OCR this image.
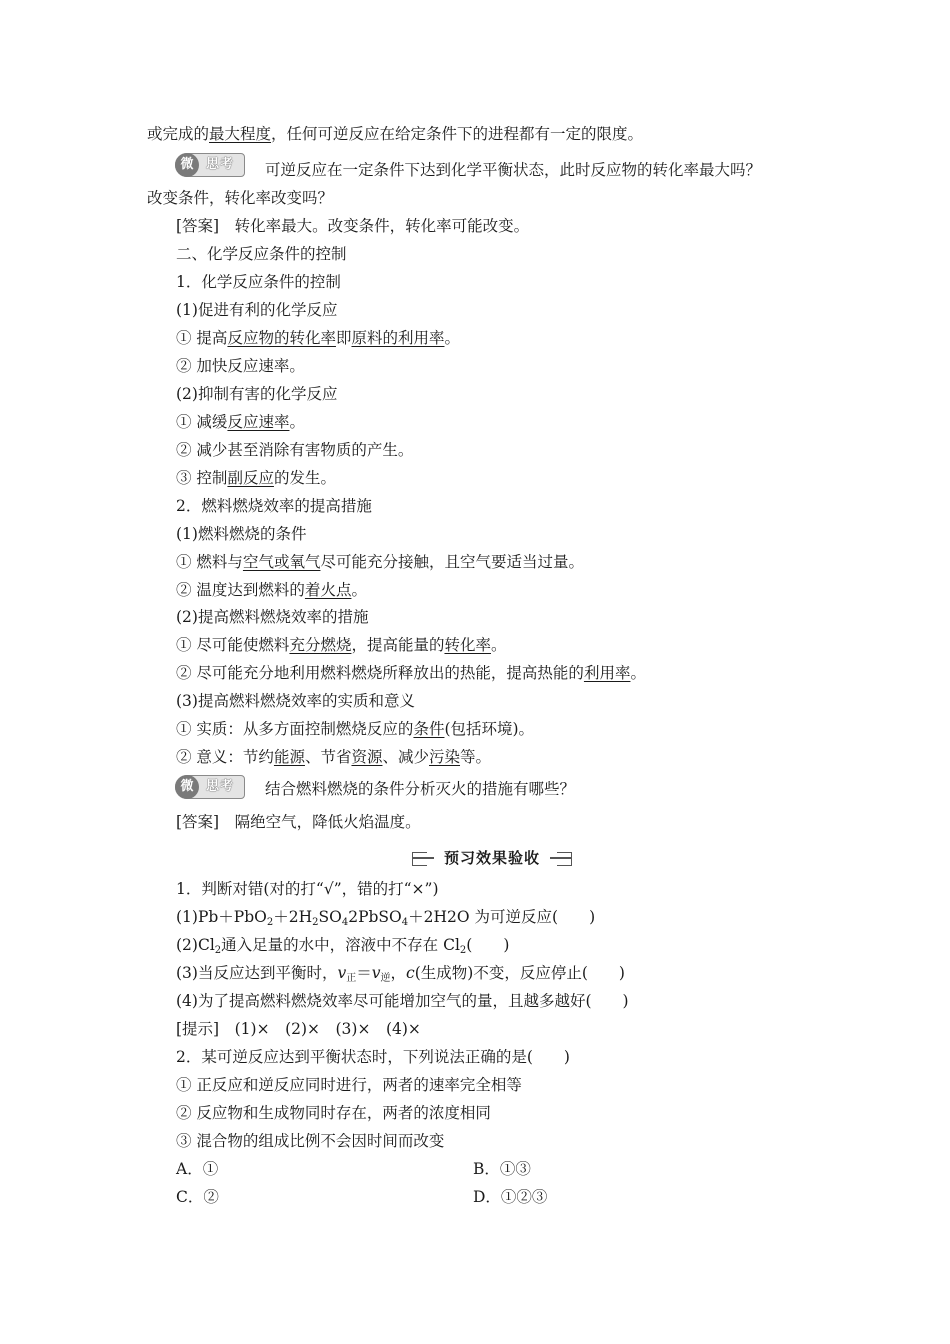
或完成的最大程度，任何可逆反应在给定条件下的进程都有一定的限度。
微 思考 可逆反应在一定条件下达到化学平衡状态，此时反应物的转化率最大吗？
改变条件，转化率改变吗？
[答案]　 转化率最大。改变条件，转化率可能改变。
二、化学反应条件的控制
1．化学反应条件的控制
(1)促进有利的化学反应
① 提高反应物的转化率即原料的利用率。
② 加快反应速率。
(2)抑制有害的化学反应
① 减缓反应速率。
② 减少甚至消除有害物质的产生。
③ 控制副反应的发生。
2．燃料燃烧效率的提高措施
(1)燃料燃烧的条件
① 燃料与空气或氧气尽可能充分接触，且空气要适当过量。
② 温度达到燃料的着火点。
(2)提高燃料燃烧效率的措施
① 尽可能使燃料充分燃烧，提高能量的转化率。
② 尽可能充分地利用燃料燃烧所释放出的热能，提高热能的利用率。
(3)提高燃料燃烧效率的实质和意义
① 实质：从多方面控制燃烧反应的条件(包括环境)。
② 意义：节约能源、节省资源、减少污染等。
微 思考 结合燃料燃烧的条件分析灭火的措施有哪些？
[答案]　 隔绝空气，降低火焰温度。
预习效果验收
1．判断对错(对的打“√”，错的打“×”)
$(1)Pb+PbO_2+2H_2SO_42PbSO_4+2H2O$ 为可逆反应(　　)
$(2)Cl_2$通入足量的水中，溶液中不存在 $Cl_2$(　　)
(3)当反应达到平衡时，$v_正=v_逆$，c(生成物)不变，反应停止(　　)
(4)为了提高燃料燃烧效率尽可能增加空气的量，且越多越好(　　)
[提示]　 (1)×　(2)×　(3)×　(4)×
2．某可逆反应达到平衡状态时，下列说法正确的是(　　)
① 正反应和逆反应同时进行，两者的速率完全相等
② 反应物和生成物同时存在，两者的浓度相同
③ 混合物的组成比例不会因时间而改变
A．①	B．①③
C．②	D．①②③
